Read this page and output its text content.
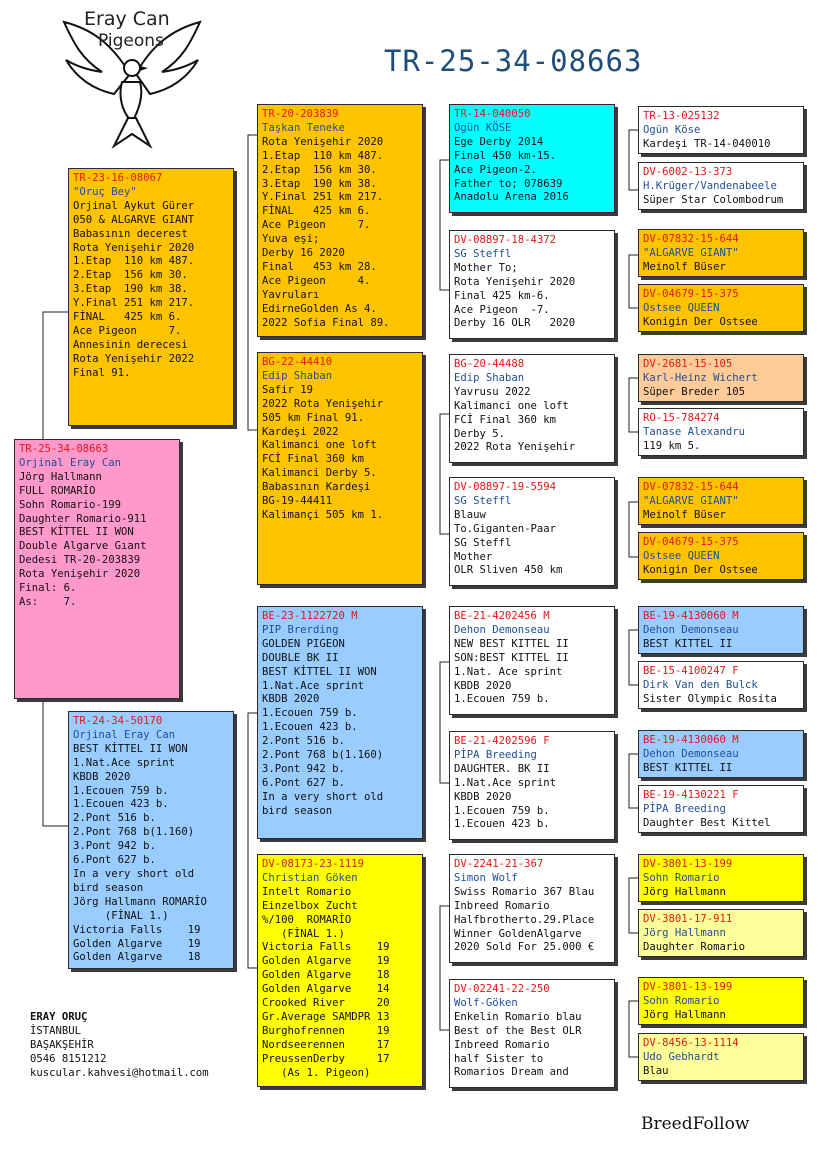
Eray Can
Pigeons
TR-25-34-08663
TR-25-34-08663
Orjinal Eray Can
Jörg Hallmann
FULL ROMARİO
Sohn Romario-199
Daughter Romario-911
BEST KİTTEL II WON
Double Algarve Gıant
Dedesi TR-20-203839
Rota Yenişehir 2020
Final: 6.
As:    7.
TR-23-16-08067
"Oruç Bey"
Orjinal Aykut Gürer
050 & ALGARVE GIANT
Babasının decerest
Rota Yenişehir 2020
1.Etap  110 km 487.
2.Etap  156 km 30.
3.Etap  190 km 38.
Y.Final 251 km 217.
FİNAL   425 km 6.
Ace Pigeon     7.
Annesinin derecesi
Rota Yenişehir 2022
Final 91.
TR-24-34-50170
Orjinal Eray Can
BEST KİTTEL II WON
1.Nat.Ace sprint
KBDB 2020
1.Ecouen 759 b.
1.Ecouen 423 b.
2.Pont 516 b.
2.Pont 768 b(1.160)
3.Pont 942 b.
6.Pont 627 b.
In a very short old
bird season
Jörg Hallmann ROMARİO
(FİNAL 1.)
Victoria Falls    19
Golden Algarve    19
Golden Algarve    18
TR-20-203839
Taşkan Teneke
Rota Yenişehir 2020
1.Etap  110 km 487.
2.Etap  156 km 30.
3.Etap  190 km 38.
Y.Final 251 km 217.
FİNAL   425 km 6.
Ace Pigeon     7.
Yuva eşi;
Derby 16 2020
Final   453 km 28.
Ace Pigeon     4.
Yavruları
EdirneGolden As 4.
2022 Sofia Final 89.
BG-22-44410
Edip Shaban
Safir 19
2022 Rota Yenişehir
505 km Final 91.
Kardeşi 2022
Kalimanci one loft
FCİ Final 360 km
Kalimanci Derby 5.
Babasının Kardeşi
BG-19-44411
Kalimançi 505 km 1.
BE-23-1122720 M
PIP Brerding
GOLDEN PIGEON
DOUBLE BK II
BEST KİTTEL II WON
1.Nat.Ace sprint
KBDB 2020
1.Ecouen 759 b.
1.Ecouen 423 b.
2.Pont 516 b.
2.Pont 768 b(1.160)
3.Pont 942 b.
6.Pont 627 b.
In a very short old
bird season
DV-08173-23-1119
Christian Göken
Intelt Romario
Einzelbox Zucht
%/100  ROMARİO
(FİNAL 1.)
Victoria Falls    19
Golden Algarve    19
Golden Algarve    18
Golden Algarve    14
Crooked River     20
Gr.Average SAMDPR 13
Burghofrennen     19
Nordseerennen     17
PreussenDerby     17
(As 1. Pigeon)
TR-14-040050
Ogün KÖSE
Ege Derby 2014
Final 450 km-15.
Ace Pigeon-2.
Father to; 078639
Anadolu Arena 2016
DV-08897-18-4372
SG Steffl
Mother To;
Rota Yenişehir 2020
Final 425 km-6.
Ace Pigeon  -7.
Derby 16 OLR   2020
BG-20-44488
Edip Shaban
Yavrusu 2022
Kalimanci one loft
FCİ Final 360 km
Derby 5.
2022 Rota Yenişehir
DV-08897-19-5594
SG Steffl
Blauw
To.Giganten-Paar
SG Steffl
Mother
OLR Sliven 450 km
BE-21-4202456 M
Dehon Demonseau
NEW BEST KITTEL II
SON:BEST KITTEL II
1.Nat. Ace sprint
KBDB 2020
1.Ecouen 759 b.
BE-21-4202596 F
PİPA Breeding
DAUGHTER. BK II
1.Nat.Ace sprint
KBDB 2020
1.Ecouen 759 b.
1.Ecouen 423 b.
DV-2241-21-367
Simon Wolf
Swiss Romario 367 Blau
Inbreed Romario
Halfbrotherto.29.Place
Winner GoldenAlgarve
2020 Sold For 25.000 €
DV-02241-22-250
Wolf-Göken
Enkelin Romario blau
Best of the Best OLR
Inbreed Romario
half Sister to
Romarios Dream and
TR-13-025132
Ogün Köse
Kardeşi TR-14-040010
DV-6002-13-373
H.Krüger/Vandenabeele
Süper Star Colombodrum
DV-07832-15-644
"ALGARVE GIANT"
Meinolf Büser
DV-04679-15-375
Ostsee QUEEN
Konigin Der Ostsee
DV-2681-15-105
Karl-Heinz Wichert
Süper Breder 105
RO-15-784274
Tanase Alexandru
119 km 5.
DV-07832-15-644
"ALGARVE GIANT"
Meinolf Büser
DV-04679-15-375
Ostsee QUEEN
Konigin Der Ostsee
BE-19-4130060 M
Dehon Demonseau
BEST KITTEL II
BE-15-4100247 F
Dirk Van den Bulck
Sister Olympic Rosita
BE-19-4130060 M
Dehon Demonseau
BEST KITTEL II
BE-19-4130221 F
PİPA Breeding
Daughter Best Kittel
DV-3801-13-199
Sohn Romario
Jörg Hallmann
DV-3801-17-911
Jörg Hallmann
Daughter Romario
DV-3801-13-199
Sohn Romario
Jörg Hallmann
DV-8456-13-1114
Udo Gebhardt
Blau
ERAY ORUÇ
İSTANBUL
BAŞAKŞEHİR
0546 8151212
kuscular.kahvesi@hotmail.com
BreedFollow
